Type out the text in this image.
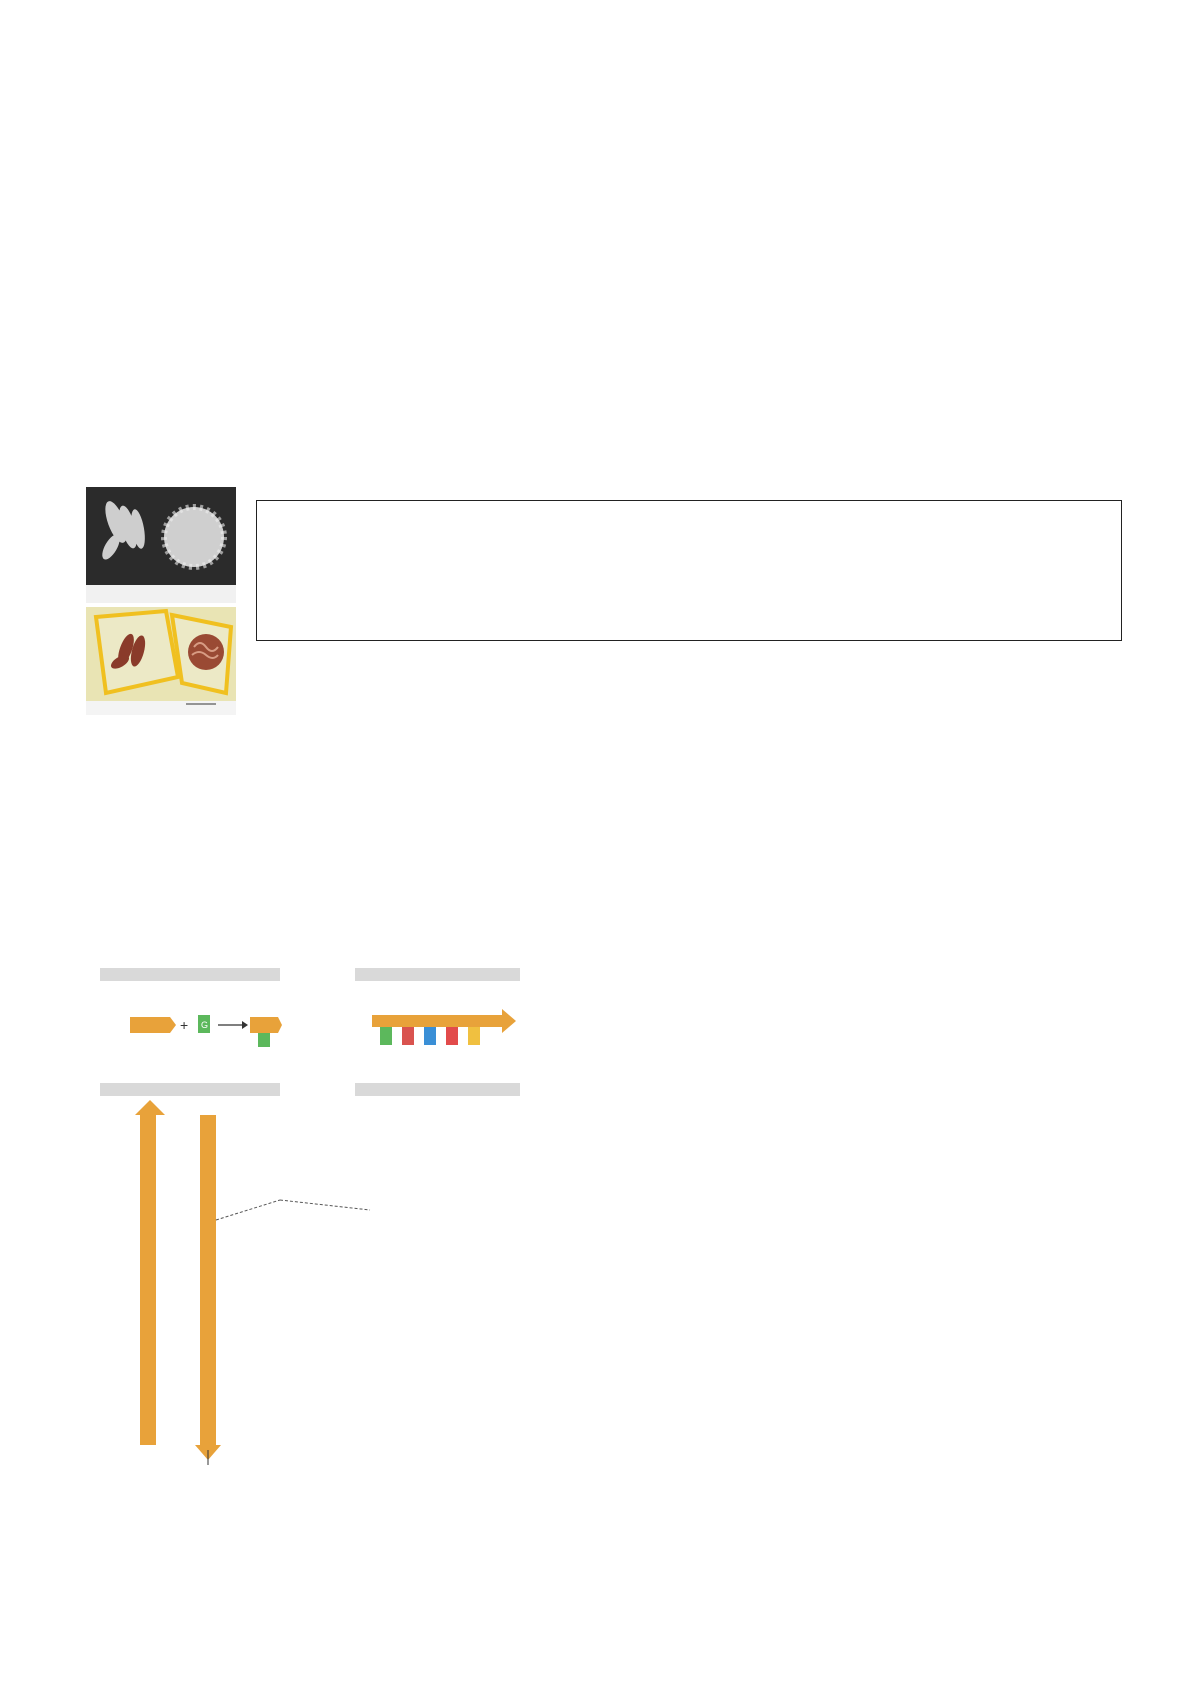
+ G
